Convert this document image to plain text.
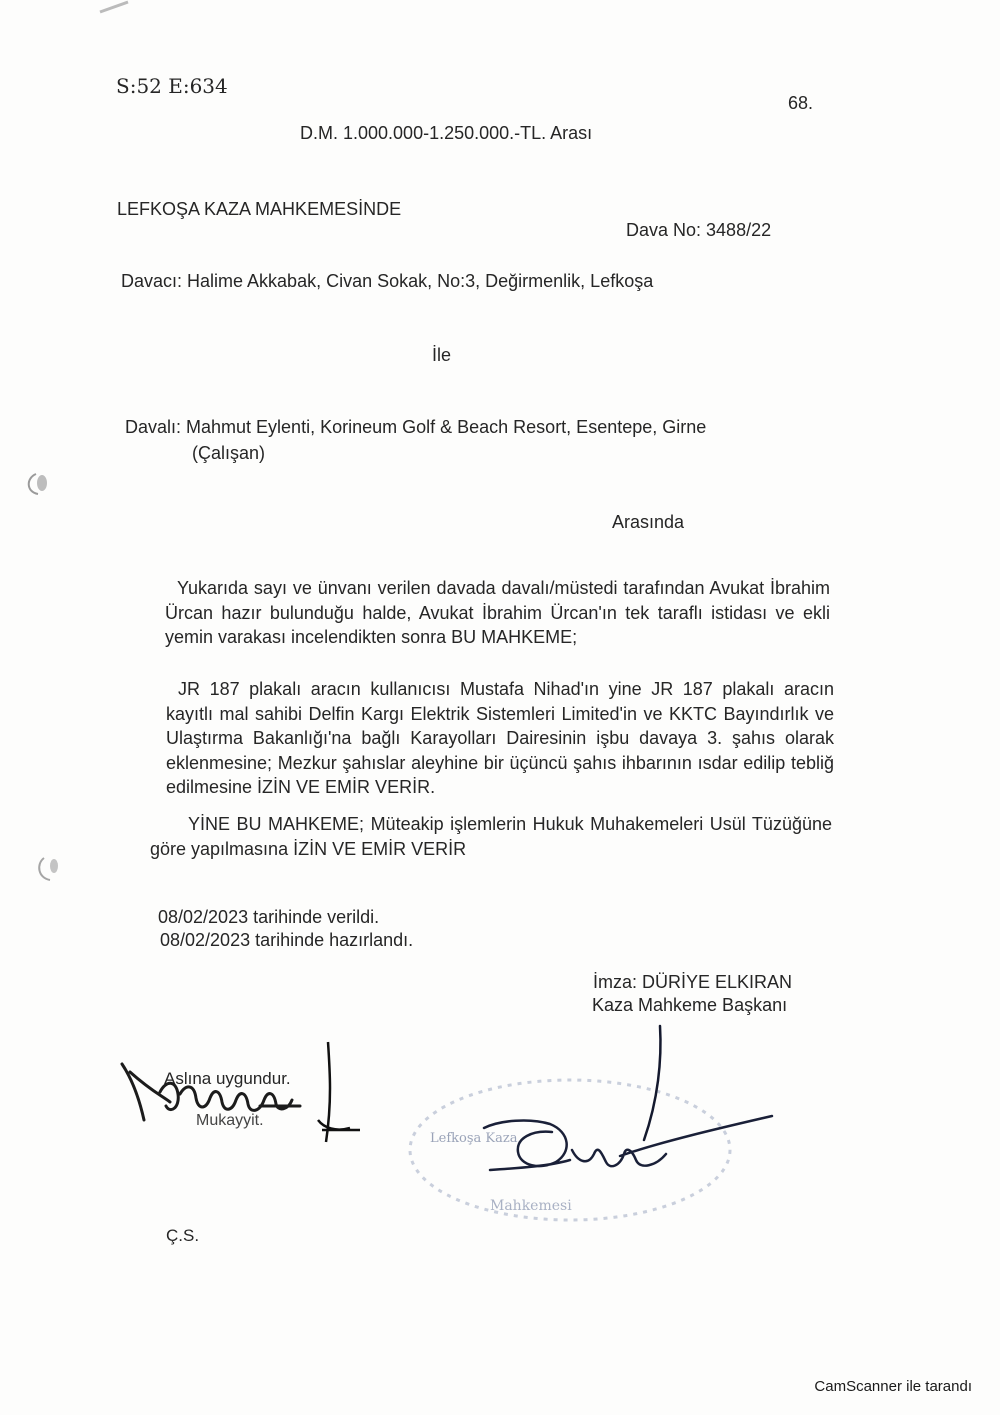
S:52 E:634
68.
D.M. 1.000.000-1.250.000.-TL. Arası
LEFKOŞA KAZA MAHKEMESİNDE
Dava No: 3488/22
Davacı: Halime Akkabak, Civan Sokak, No:3, Değirmenlik, Lefkoşa
İle
Davalı: Mahmut Eylenti, Korineum Golf & Beach Resort, Esentepe, Girne
(Çalışan)
Arasında
Yukarıda sayı ve ünvanı verilen davada davalı/müstedi tarafından Avukat İbrahim Ürcan hazır bulunduğu halde, Avukat İbrahim Ürcan'ın tek taraflı istidası ve ekli yemin varakası incelendikten sonra BU MAHKEME;
JR 187 plakalı aracın kullanıcısı Mustafa Nihad'ın yine JR 187 plakalı aracın kayıtlı mal sahibi Delfin Kargı Elektrik Sistemleri Limited'in ve KKTC Bayındırlık ve Ulaştırma Bakanlığı'na bağlı Karayolları Dairesinin işbu davaya 3. şahıs olarak eklenmesine; Mezkur şahıslar aleyhine bir üçüncü şahıs ihbarının ısdar edilip tebliğ edilmesine İZİN VE EMİR VERİR.
YİNE BU MAHKEME; Müteakip işlemlerin Hukuk Muhakemeleri Usül Tüzüğüne göre yapılmasına İZİN VE EMİR VERİR
08/02/2023 tarihinde verildi.
08/02/2023 tarihinde hazırlandı.
İmza: DÜRİYE ELKIRAN
Kaza Mahkeme Başkanı
Aslına uygundur.
Mukayyit.
Lefkoşa Kaza
Mahkemesi
Ç.S.
CamScanner ile tarandı
